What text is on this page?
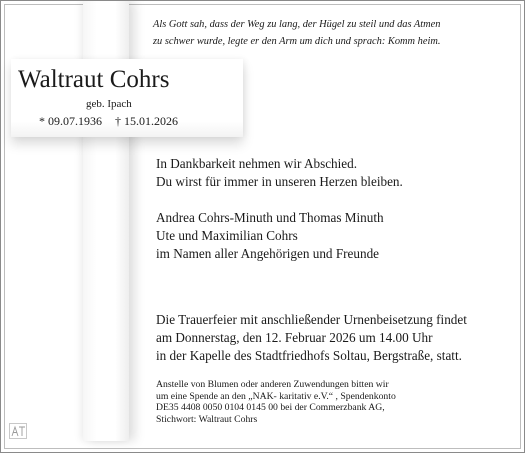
Als Gott sah, dass der Weg zu lang, der Hügel zu steil und das Atmen
zu schwer wurde, legte er den Arm um dich und sprach: Komm heim.
Waltraut Cohrs
geb. Ipach
* 09.07.1936 † 15.01.2026
In Dankbarkeit nehmen wir Abschied.
Du wirst für immer in unseren Herzen bleiben.
Andrea Cohrs-Minuth und Thomas Minuth
Ute und Maximilian Cohrs
im Namen aller Angehörigen und Freunde
Die Trauerfeier mit anschließender Urnenbeisetzung findet
am Donnerstag, den 12. Februar 2026 um 14.00 Uhr
in der Kapelle des Stadtfriedhofs Soltau, Bergstraße, statt.
Anstelle von Blumen oder anderen Zuwendungen bitten wir
um eine Spende an den „NAK- karitativ e.V.“ , Spendenkonto
DE35 4408 0050 0104 0145 00 bei der Commerzbank AG,
Stichwort: Waltraut Cohrs
